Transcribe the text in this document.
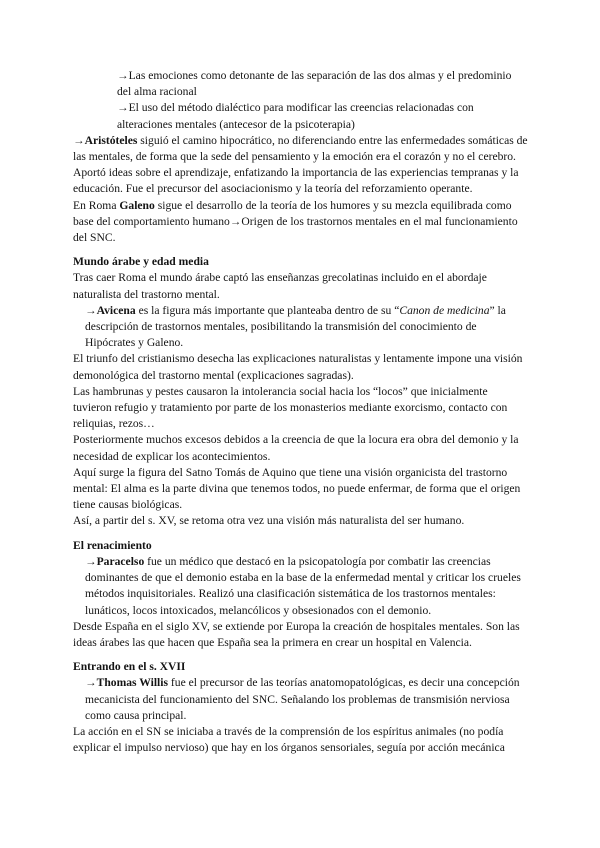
→Las emociones como detonante de las separación de las dos almas y el predominio del alma racional

→El uso del método dialéctico para modificar las creencias relacionadas con alteraciones mentales (antecesor de la psicoterapia)

→Aristóteles siguió el camino hipocrático, no diferenciando entre las enfermedades somáticas de las mentales, de forma que la sede del pensamiento y la emoción era el corazón y no el cerebro.

Aportó ideas sobre el aprendizaje, enfatizando la importancia de las experiencias tempranas y la educación. Fue el precursor del asociacionismo y la teoría del reforzamiento operante.

En Roma Galeno sigue el desarrollo de la teoría de los humores y su mezcla equilibrada como base del comportamiento humano→Origen de los trastornos mentales en el mal funcionamiento del SNC.

Mundo árabe y edad media

Tras caer Roma el mundo árabe captó las enseñanzas grecolatinas incluido en el abordaje naturalista del trastorno mental.

→Avicena es la figura más importante que planteaba dentro de su “Canon de medicina” la descripción de trastornos mentales, posibilitando la transmisión del conocimiento de Hipócrates y Galeno.

El triunfo del cristianismo desecha las explicaciones naturalistas y lentamente impone una visión demonológica del trastorno mental (explicaciones sagradas).

Las hambrunas y pestes causaron la intolerancia social hacia los “locos” que inicialmente tuvieron refugio y tratamiento por parte de los monasterios mediante exorcismo, contacto con reliquias, rezos…

Posteriormente muchos excesos debidos a la creencia de que la locura era obra del demonio y la necesidad de explicar los acontecimientos.

Aquí surge la figura del Satno Tomás de Aquino que tiene una visión organicista del trastorno mental: El alma es la parte divina que tenemos todos, no puede enfermar, de forma que el origen tiene causas biológicas.

Así, a partir del s. XV, se retoma otra vez una visión más naturalista del ser humano.

El renacimiento

→Paracelso fue un médico que destacó en la psicopatología por combatir las creencias dominantes de que el demonio estaba en la base de la enfermedad mental y criticar los crueles métodos inquisitoriales. Realizó una clasificación sistemática de los trastornos mentales: lunáticos, locos intoxicados, melancólicos y obsesionados con el demonio.

Desde España en el siglo XV, se extiende por Europa la creación de hospitales mentales. Son las ideas árabes las que hacen que España sea la primera en crear un hospital en Valencia.

Entrando en el s. XVII

→Thomas Willis fue el precursor de las teorías anatomopatológicas, es decir una concepción mecanicista del funcionamiento del SNC. Señalando los problemas de transmisión nerviosa como causa principal.

La acción en el SN se iniciaba a través de la comprensión de los espíritus animales (no podía explicar el impulso nervioso) que hay en los órganos sensoriales, seguía por acción mecánica
